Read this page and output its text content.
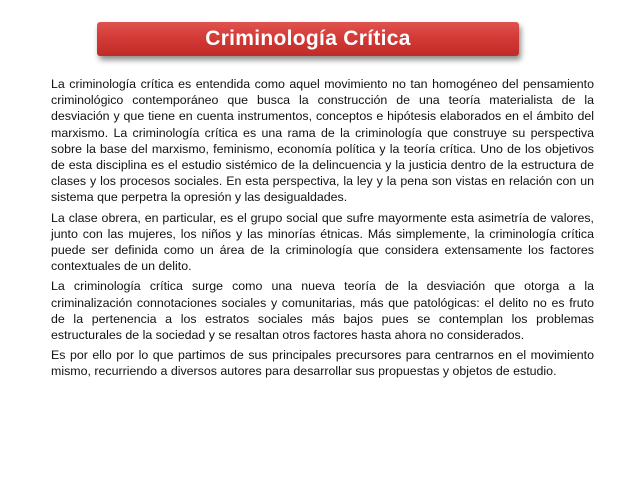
Criminología Crítica

La criminología crítica es entendida como aquel movimiento no tan homogéneo del pensamiento criminológico contemporáneo que busca la construcción de una teoría materialista de la desviación y que tiene en cuenta instrumentos, conceptos e hipótesis elaborados en el ámbito del marxismo. La criminología crítica es una rama de la criminología que construye su perspectiva sobre la base del marxismo, feminismo, economía política y la teoría crítica. Uno de los objetivos de esta disciplina es el estudio sistémico de la delincuencia y la justicia dentro de la estructura de clases y los procesos sociales. En esta perspectiva, la ley y la pena son vistas en relación con un sistema que perpetra la opresión y las desigualdades.

La clase obrera, en particular, es el grupo social que sufre mayormente esta asimetría de valores, junto con las mujeres, los niños y las minorías étnicas. Más simplemente, la criminología crítica puede ser definida como un área de la criminología que considera extensamente los factores contextuales de un delito.

La criminología crítica surge como una nueva teoría de la desviación que otorga a la criminalización connotaciones sociales y comunitarias, más que patológicas: el delito no es fruto de la pertenencia a los estratos sociales más bajos pues se contemplan los problemas estructurales de la sociedad y se resaltan otros factores hasta ahora no considerados.

Es por ello por lo que partimos de sus principales precursores para centrarnos en el movimiento mismo, recurriendo a diversos autores para desarrollar sus propuestas y objetos de estudio.
